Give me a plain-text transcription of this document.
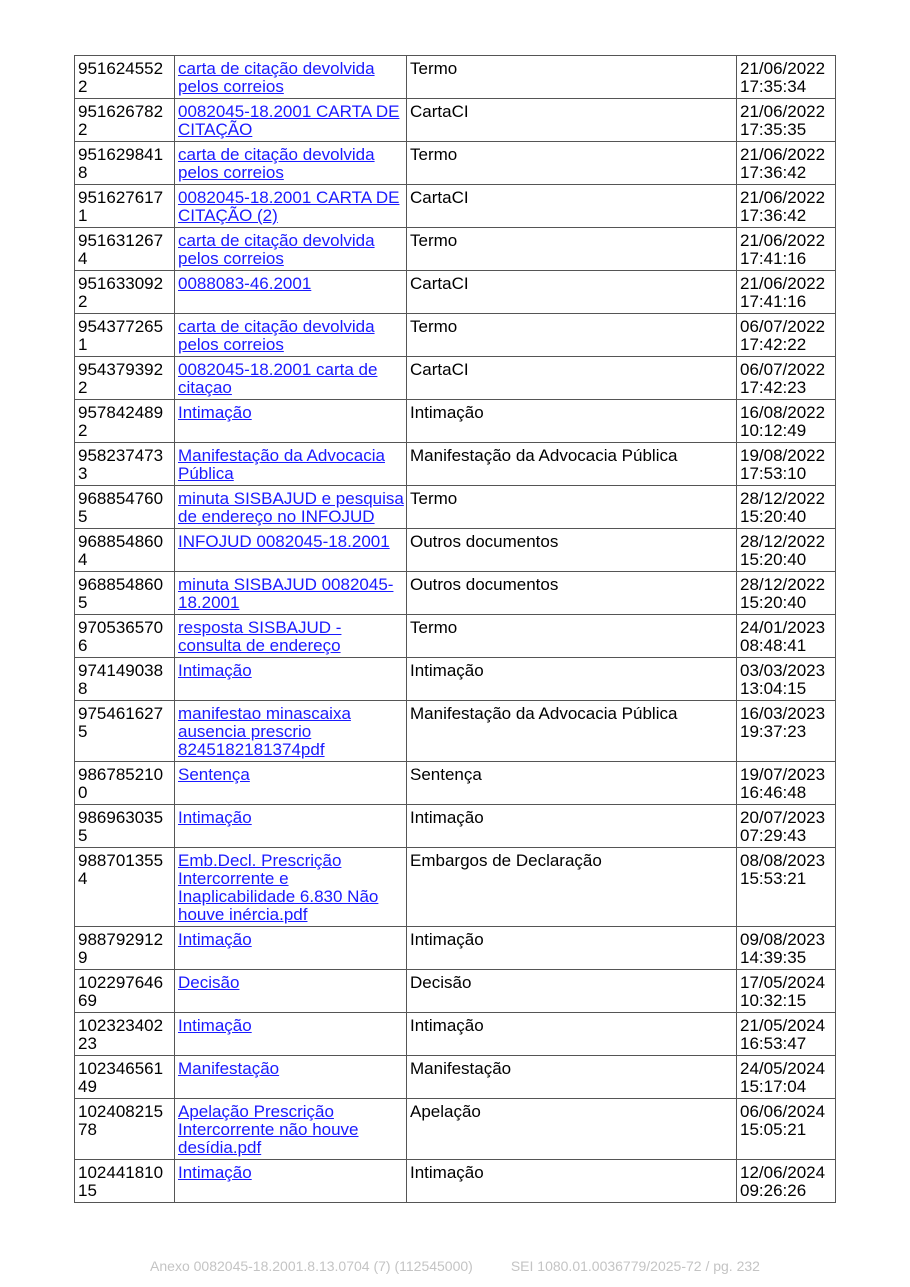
9516245522	carta de citação devolvida pelos correios	Termo	21/06/2022
17:35:34
9516267822	0082045-18.2001 CARTA DE CITAÇÃO	CartaCI	21/06/2022
17:35:35
9516298418	carta de citação devolvida pelos correios	Termo	21/06/2022
17:36:42
9516276171	0082045-18.2001 CARTA DE CITAÇÃO (2)	CartaCI	21/06/2022
17:36:42
9516312674	carta de citação devolvida pelos correios	Termo	21/06/2022
17:41:16
9516330922	0088083-46.2001	CartaCI	21/06/2022
17:41:16
9543772651	carta de citação devolvida pelos correios	Termo	06/07/2022
17:42:22
9543793922	0082045-18.2001 carta de citaçao	CartaCI	06/07/2022
17:42:23
9578424892	Intimação	Intimação	16/08/2022
10:12:49
9582374733	Manifestação da Advocacia Pública	Manifestação da Advocacia Pública	19/08/2022
17:53:10
9688547605	minuta SISBAJUD e pesquisa de endereço no INFOJUD	Termo	28/12/2022
15:20:40
9688548604	INFOJUD 0082045-18.2001	Outros documentos	28/12/2022
15:20:40
9688548605	minuta SISBAJUD 0082045-18.2001	Outros documentos	28/12/2022
15:20:40
9705365706	resposta SISBAJUD - consulta de endereço	Termo	24/01/2023
08:48:41
9741490388	Intimação	Intimação	03/03/2023
13:04:15
9754616275	manifestao minascaixa ausencia prescrio 8245182181374pdf	Manifestação da Advocacia Pública	16/03/2023
19:37:23
9867852100	Sentença	Sentença	19/07/2023
16:46:48
9869630355	Intimação	Intimação	20/07/2023
07:29:43
9887013554	Emb.Decl. Prescrição Intercorrente e Inaplicabilidade 6.830 Não houve inércia.pdf	Embargos de Declaração	08/08/2023
15:53:21
9887929129	Intimação	Intimação	09/08/2023
14:39:35
10229764669	Decisão	Decisão	17/05/2024
10:32:15
10232340223	Intimação	Intimação	21/05/2024
16:53:47
10234656149	Manifestação	Manifestação	24/05/2024
15:17:04
10240821578	Apelação Prescrição Intercorrente não houve desídia.pdf	Apelação	06/06/2024
15:05:21
10244181015	Intimação	Intimação	12/06/2024
09:26:26
Anexo 0082045-18.2001.8.13.0704 (7) (112545000)	SEI 1080.01.0036779/2025-72 / pg. 232
